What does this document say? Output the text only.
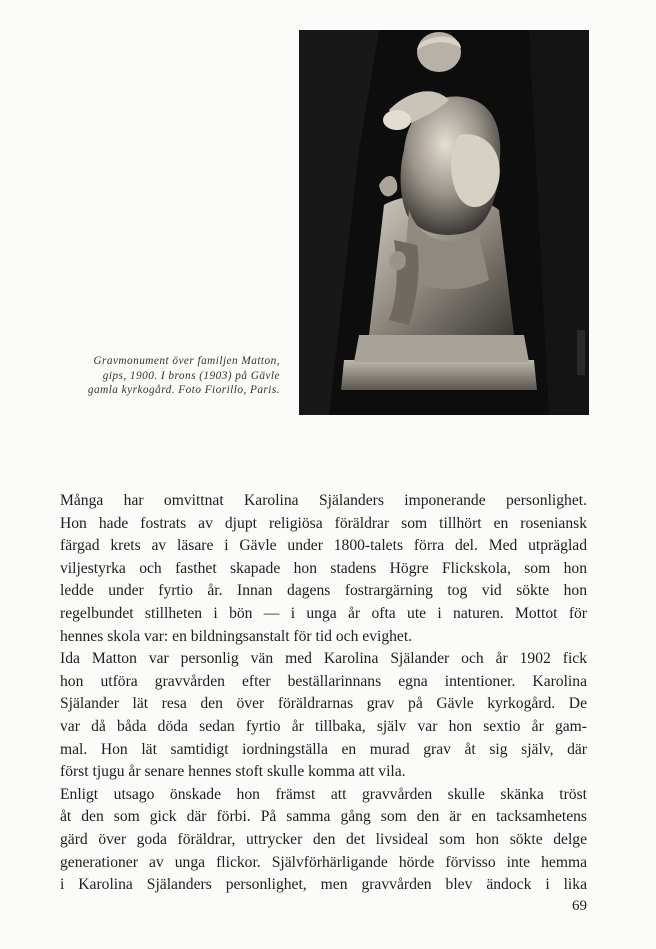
Gravmonument över familjen Matton,
gips, 1900. I brons (1903) på Gävle
gamla kyrkogård. Foto Fiorillo, Paris.

Många har omvittnat Karolina Själanders imponerande personlighet.
Hon hade fostrats av djupt religiösa föräldrar som tillhört en roseniansk
färgad krets av läsare i Gävle under 1800-talets förra del. Med utpräglad
viljestyrka och fasthet skapade hon stadens Högre Flickskola, som hon
ledde under fyrtio år. Innan dagens fostrargärning tog vid sökte hon
regelbundet stillheten i bön — i unga år ofta ute i naturen. Mottot för
hennes skola var: en bildningsanstalt för tid och evighet.

Ida Matton var personlig vän med Karolina Själander och år 1902 fick
hon utföra gravvården efter beställarinnans egna intentioner. Karolina
Själander lät resa den över föräldrarnas grav på Gävle kyrkogård. De
var då båda döda sedan fyrtio år tillbaka, själv var hon sextio år gam-
mal. Hon lät samtidigt iordningställa en murad grav åt sig själv, där
först tjugu år senare hennes stoft skulle komma att vila.

Enligt utsago önskade hon främst att gravvården skulle skänka tröst
åt den som gick där förbi. På samma gång som den är en tacksamhetens
gärd över goda föräldrar, uttrycker den det livsideal som hon sökte delge
generationer av unga flickor. Självförhärligande hörde förvisso inte hemma
i Karolina Själanders personlighet, men gravvården blev ändock i lika

69
